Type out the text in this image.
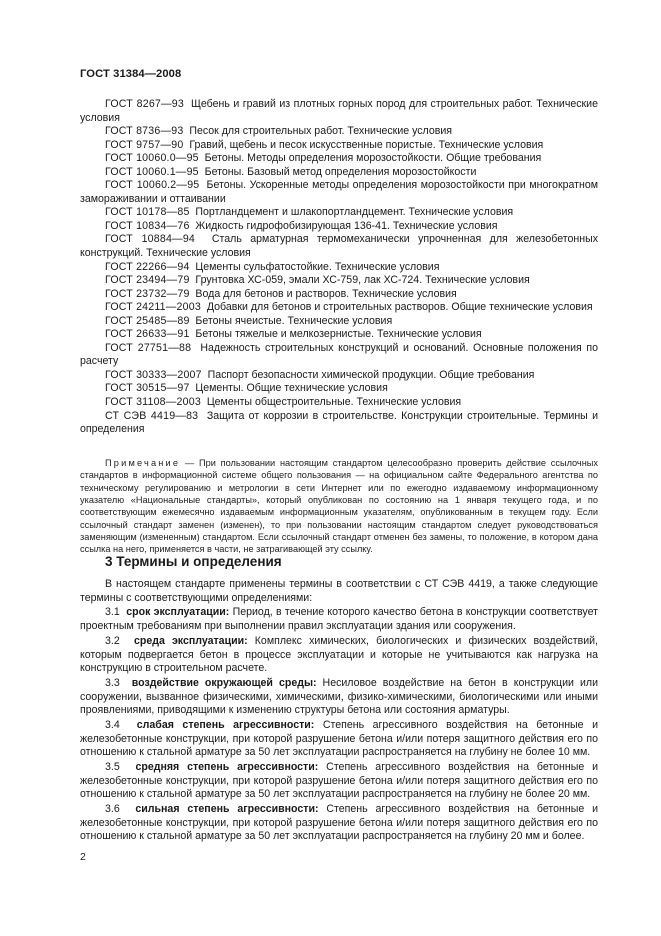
ГОСТ 31384—2008

ГОСТ 8267—93 Щебень и гравий из плотных горных пород для строительных работ. Технические условия

ГОСТ 8736—93 Песок для строительных работ. Технические условия

ГОСТ 9757—90 Гравий, щебень и песок искусственные пористые. Технические условия

ГОСТ 10060.0—95 Бетоны. Методы определения морозостойкости. Общие требования

ГОСТ 10060.1—95 Бетоны. Базовый метод определения морозостойкости

ГОСТ 10060.2—95 Бетоны. Ускоренные методы определения морозостойкости при многократном замораживании и оттаивании

ГОСТ 10178—85 Портландцемент и шлакопортландцемент. Технические условия

ГОСТ 10834—76 Жидкость гидрофобизирующая 136-41. Технические условия

ГОСТ 10884—94 Сталь арматурная термомеханически упрочненная для железобетонных конструкций. Технические условия

ГОСТ 22266—94 Цементы сульфатостойкие. Технические условия

ГОСТ 23494—79 Грунтовка ХС-059, эмали ХС-759, лак ХС-724. Технические условия

ГОСТ 23732—79 Вода для бетонов и растворов. Технические условия

ГОСТ 24211—2003 Добавки для бетонов и строительных растворов. Общие технические условия

ГОСТ 25485—89 Бетоны ячеистые. Технические условия

ГОСТ 26633—91 Бетоны тяжелые и мелкозернистые. Технические условия

ГОСТ 27751—88 Надежность строительных конструкций и оснований. Основные положения по расчету

ГОСТ 30333—2007 Паспорт безопасности химической продукции. Общие требования

ГОСТ 30515—97 Цементы. Общие технические условия

ГОСТ 31108—2003 Цементы общестроительные. Технические условия

СТ СЭВ 4419—83 Защита от коррозии в строительстве. Конструкции строительные. Термины и определения

Примечание — При пользовании настоящим стандартом целесообразно проверить действие ссылочных стандартов в информационной системе общего пользования — на официальном сайте Федерального агентства по техническому регулированию и метрологии в сети Интернет или по ежегодно издаваемому информационному указателю «Национальные стандарты», который опубликован по состоянию на 1 января текущего года, и по соответствующим ежемесячно издаваемым информационным указателям, опубликованным в текущем году. Если ссылочный стандарт заменен (изменен), то при пользовании настоящим стандартом следует руководствоваться заменяющим (измененным) стандартом. Если ссылочный стандарт отменен без замены, то положение, в котором дана ссылка на него, применяется в части, не затрагивающей эту ссылку.

3 Термины и определения

В настоящем стандарте применены термины в соответствии с СТ СЭВ 4419, а также следующие термины с соответствующими определениями:

3.1 срок эксплуатации: Период, в течение которого качество бетона в конструкции соответствует проектным требованиям при выполнении правил эксплуатации здания или сооружения.

3.2 среда эксплуатации: Комплекс химических, биологических и физических воздействий, которым подвергается бетон в процессе эксплуатации и которые не учитываются как нагрузка на конструкцию в строительном расчете.

3.3 воздействие окружающей среды: Несиловое воздействие на бетон в конструкции или сооружении, вызванное физическими, химическими, физико-химическими, биологическими или иными проявлениями, приводящими к изменению структуры бетона или состояния арматуры.

3.4 слабая степень агрессивности: Степень агрессивного воздействия на бетонные и железобетонные конструкции, при которой разрушение бетона и/или потеря защитного действия его по отношению к стальной арматуре за 50 лет эксплуатации распространяется на глубину не более 10 мм.

3.5 средняя степень агрессивности: Степень агрессивного воздействия на бетонные и железобетонные конструкции, при которой разрушение бетона и/или потеря защитного действия его по отношению к стальной арматуре за 50 лет эксплуатации распространяется на глубину не более 20 мм.

3.6 сильная степень агрессивности: Степень агрессивного воздействия на бетонные и железобетонные конструкции, при которой разрушение бетона и/или потеря защитного действия его по отношению к стальной арматуре за 50 лет эксплуатации распространяется на глубину 20 мм и более.

2
